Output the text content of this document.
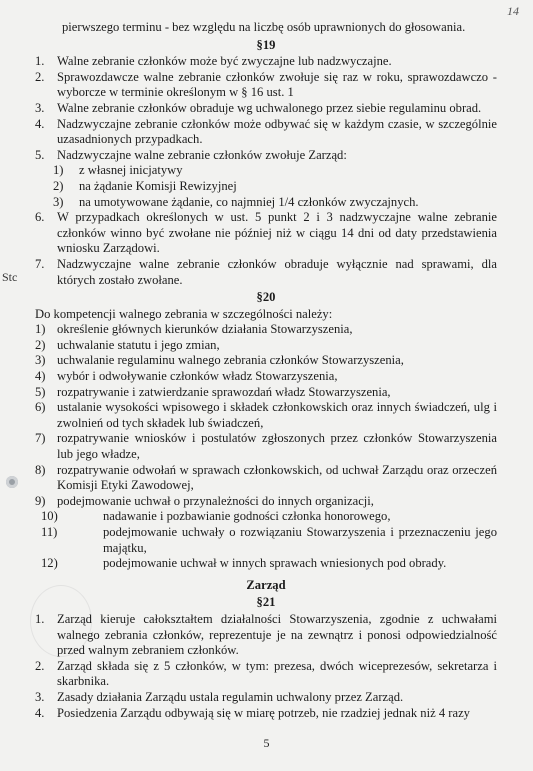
14
Stc

pierwszego terminu - bez względu na liczbę osób uprawnionych do głosowania.

§19
1. Walne zebranie członków może być zwyczajne lub nadzwyczajne.
2. Sprawozdawcze walne zebranie członków zwołuje się raz w roku, sprawozdawczo - wyborcze w terminie określonym w § 16 ust. 1
3. Walne zebranie członków obraduje wg uchwalonego przez siebie regulaminu obrad.
4. Nadzwyczajne zebranie członków może odbywać się w każdym czasie, w szczególnie uzasadnionych przypadkach.
5. Nadzwyczajne walne zebranie członków zwołuje Zarząd:
1)	z własnej inicjatywy
2)	na żądanie Komisji Rewizyjnej
3)	na umotywowane żądanie, co najmniej 1/4 członków zwyczajnych.
6. W przypadkach określonych w ust. 5 punkt 2 i 3 nadzwyczajne walne zebranie członków winno być zwołane nie później niż w ciągu 14 dni od daty przedstawienia wniosku Zarządowi.
7. Nadzwyczajne walne zebranie członków obraduje wyłącznie nad sprawami, dla których zostało zwołane.
§20

Do kompetencji walnego zebrania w szczególności należy:

1) określenie głównych kierunków działania Stowarzyszenia,
2) uchwalanie statutu i jego zmian,
3) uchwalanie regulaminu walnego zebrania członków Stowarzyszenia,
4) wybór i odwoływanie członków władz Stowarzyszenia,
5) rozpatrywanie i zatwierdzanie sprawozdań władz Stowarzyszenia,
6) ustalanie wysokości wpisowego i składek członkowskich oraz innych świadczeń, ulg i zwolnień od tych składek lub świadczeń,
7) rozpatrywanie wniosków i postulatów zgłoszonych przez członków Stowarzyszenia lub jego władze,
8) rozpatrywanie odwołań w sprawach członkowskich, od uchwał Zarządu oraz orzeczeń Komisji Etyki Zawodowej,
9) podejmowanie uchwał o przynależności do innych organizacji,
10)	nadawanie i pozbawianie godności członka honorowego,
11)	podejmowanie uchwały o rozwiązaniu Stowarzyszenia i przeznaczeniu jego majątku,
12)	podejmowanie uchwał w innych sprawach wniesionych pod obrady.
Zarząd
§21
1. Zarząd kieruje całokształtem działalności Stowarzyszenia, zgodnie z uchwałami walnego zebrania członków, reprezentuje je na zewnątrz i ponosi odpowiedzialność przed walnym zebraniem członków.
2. Zarząd składa się z 5 członków, w tym: prezesa, dwóch wiceprezesów, sekretarza i skarbnika.
3. Zasady działania Zarządu ustala regulamin uchwalony przez Zarząd.
4. Posiedzenia Zarządu odbywają się w miarę potrzeb, nie rzadziej jednak niż 4 razy
5
